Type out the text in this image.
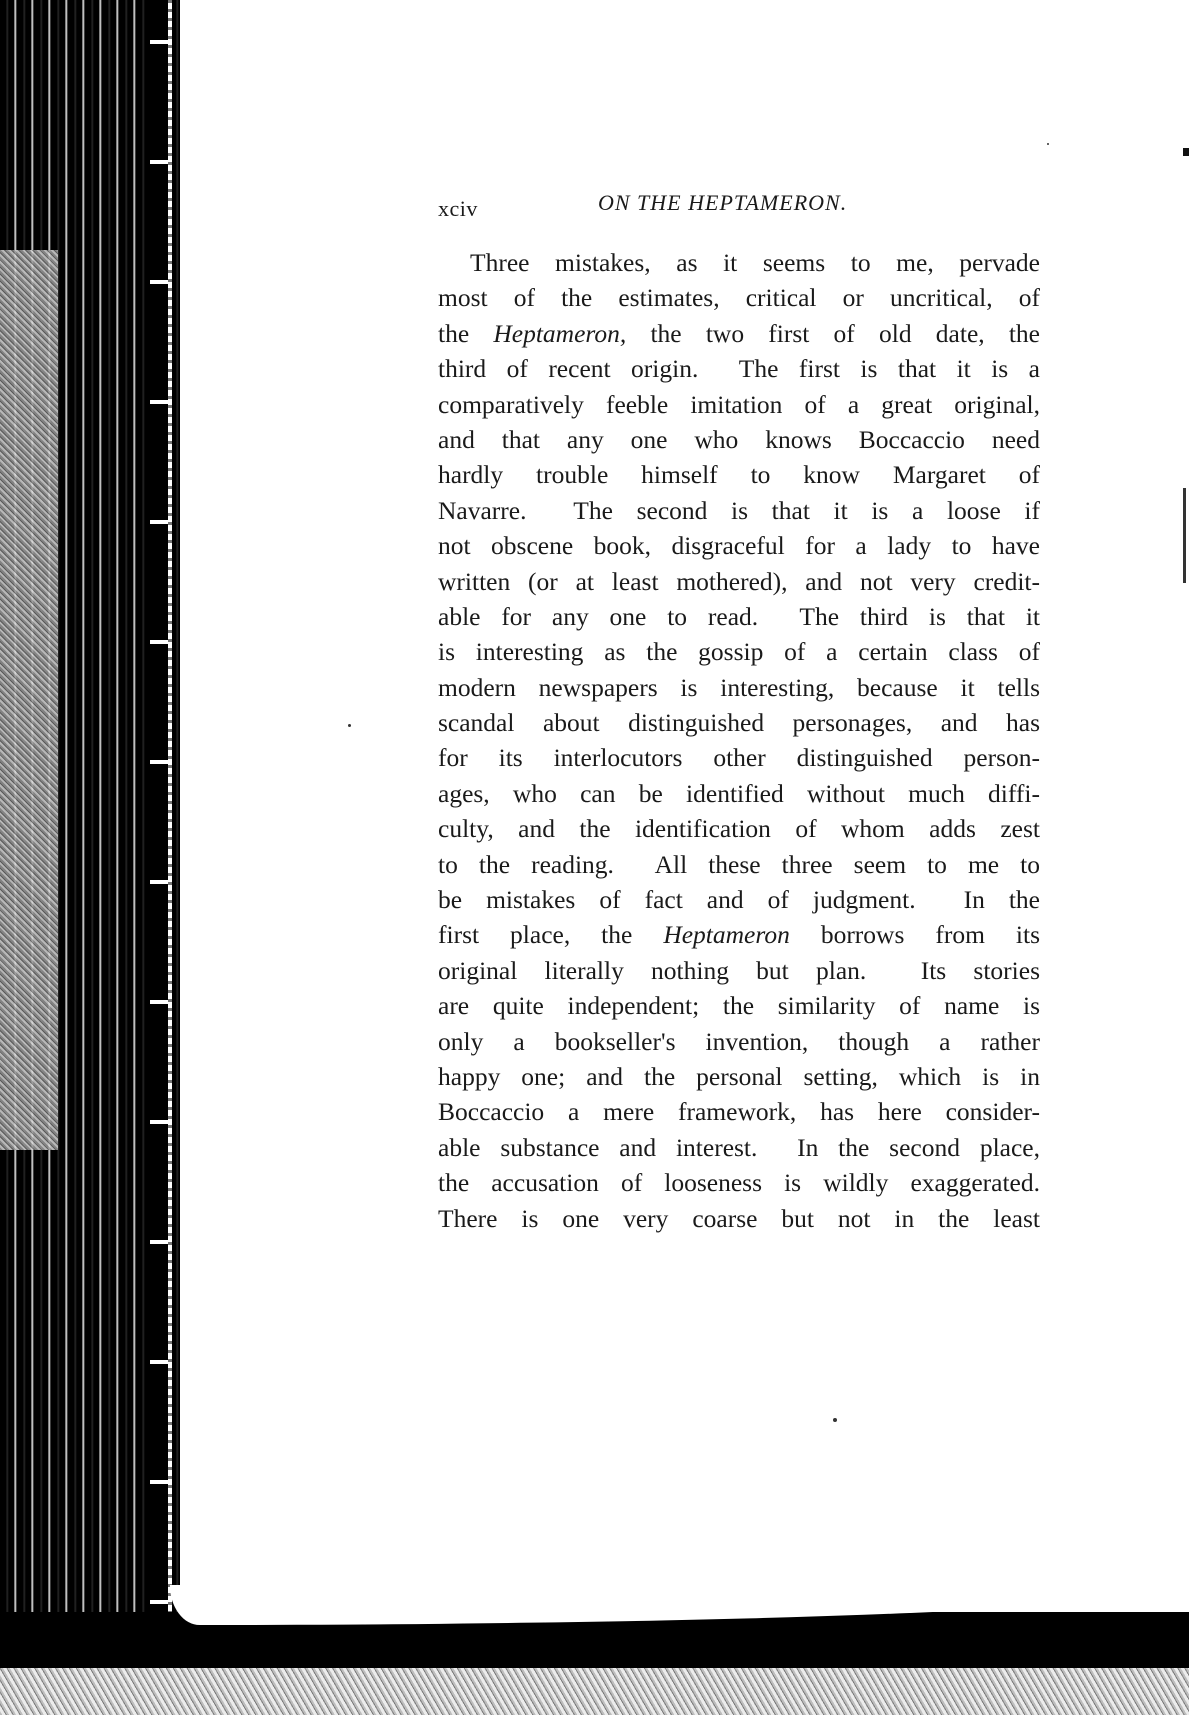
xciv	ON THE HEPTAMERON.
Three mistakes, as it seems to me, pervade
most of the estimates, critical or uncritical, of
the Heptameron, the two first of old date, the
third of recent origin.  The first is that it is a
comparatively feeble imitation of a great original,
and that any one who knows Boccaccio need
hardly trouble himself to know Margaret of
Navarre.  The second is that it is a loose if
not obscene book, disgraceful for a lady to have
written (or at least mothered), and not very credit-
able for any one to read.  The third is that it
is interesting as the gossip of a certain class of
modern newspapers is interesting, because it tells
scandal about distinguished personages, and has
for its interlocutors other distinguished person-
ages, who can be identified without much diffi-
culty, and the identification of whom adds zest
to the reading.  All these three seem to me to
be mistakes of fact and of judgment.  In the
first place, the Heptameron borrows from its
original literally nothing but plan.  Its stories
are quite independent; the similarity of name is
only a bookseller's invention, though a rather
happy one; and the personal setting, which is in
Boccaccio a mere framework, has here consider-
able substance and interest.  In the second place,
the accusation of looseness is wildly exaggerated.
There is one very coarse but not in the least
